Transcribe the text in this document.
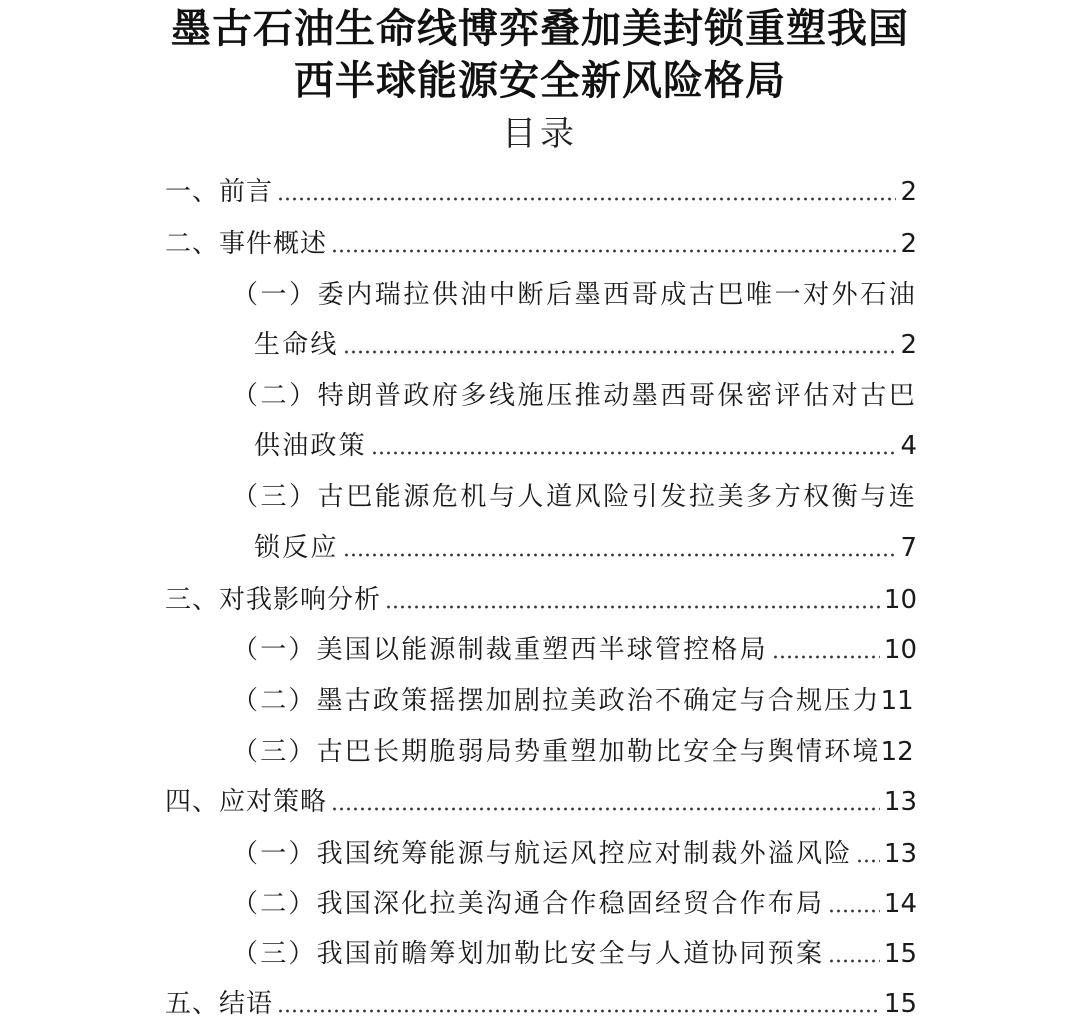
墨古石油生命线博弈叠加美封锁重塑我国
西半球能源安全新风险格局
目录
一、前言	2
二、事件概述	2
（一）委内瑞拉供油中断后墨西哥成古巴唯一对外石油
生命线	2
（二）特朗普政府多线施压推动墨西哥保密评估对古巴
供油政策	4
（三）古巴能源危机与人道风险引发拉美多方权衡与连
锁反应	7
三、对我影响分析	10
（一）美国以能源制裁重塑西半球管控格局	10
（二）墨古政策摇摆加剧拉美政治不确定与合规压力 11
（三）古巴长期脆弱局势重塑加勒比安全与舆情环境 12
四、应对策略	13
（一）我国统筹能源与航运风控应对制裁外溢风险 13
（二）我国深化拉美沟通合作稳固经贸合作布局 14
（三）我国前瞻筹划加勒比安全与人道协同预案 15
五、结语	15
